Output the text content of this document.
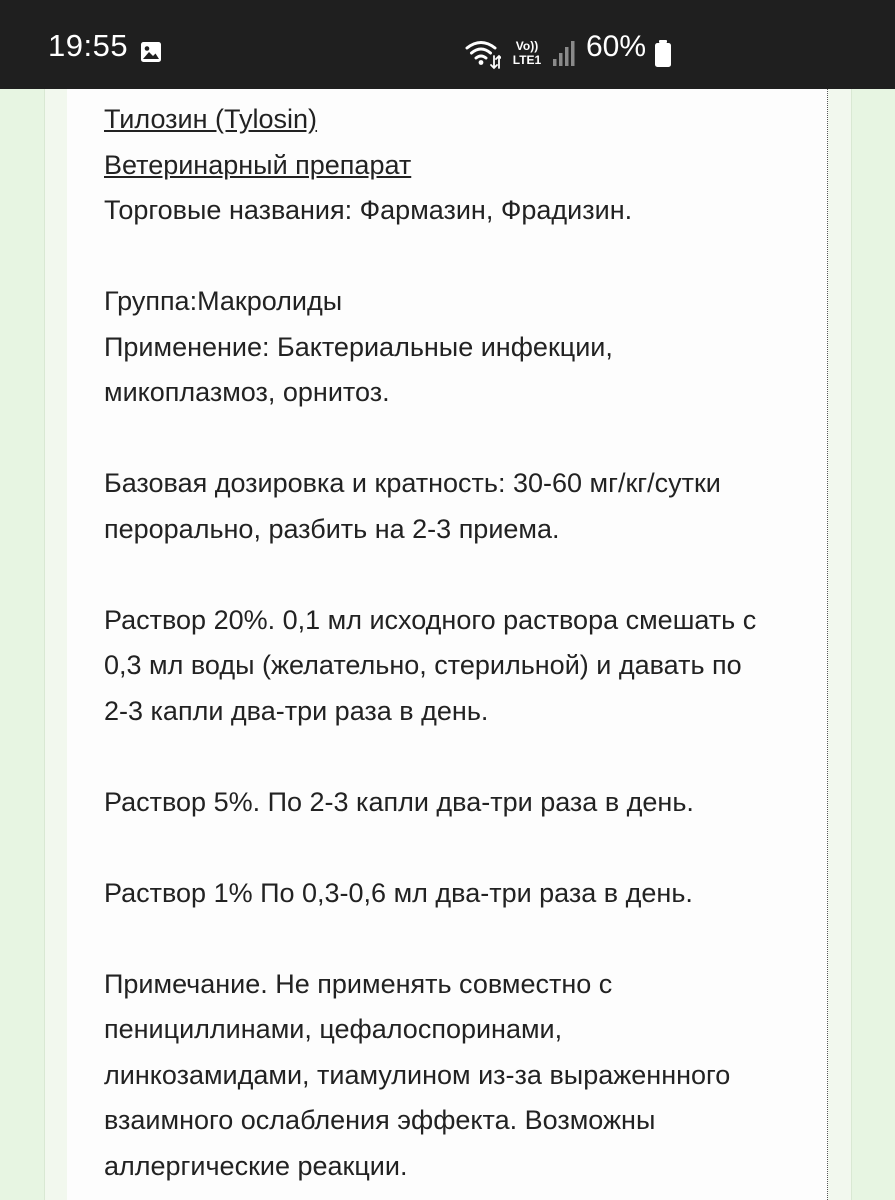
19:55	Vo))
LTE1 60%
Тилозин (Tylosin)
Ветеринарный препарат
Торговые названия: Фармазин, Фрадизин.
Группа:Макролиды
Применение: Бактериальные инфекции,
микоплазмоз, орнитоз.
Базовая дозировка и кратность: 30-60 мг/кг/сутки
перорально, разбить на 2-3 приема.
Раствор 20%. 0,1 мл исходного раствора смешать с
0,3 мл воды (желательно, стерильной) и давать по
2-3 капли два-три раза в день.
Раствор 5%. По 2-3 капли два-три раза в день.
Раствор 1% По 0,3-0,6 мл два-три раза в день.
Примечание. Не применять совместно с
пенициллинами, цефалоспоринами,
линкозамидами, тиамулином из-за выраженнного
взаимного ослабления эффекта. Возможны
аллергические реакции.
